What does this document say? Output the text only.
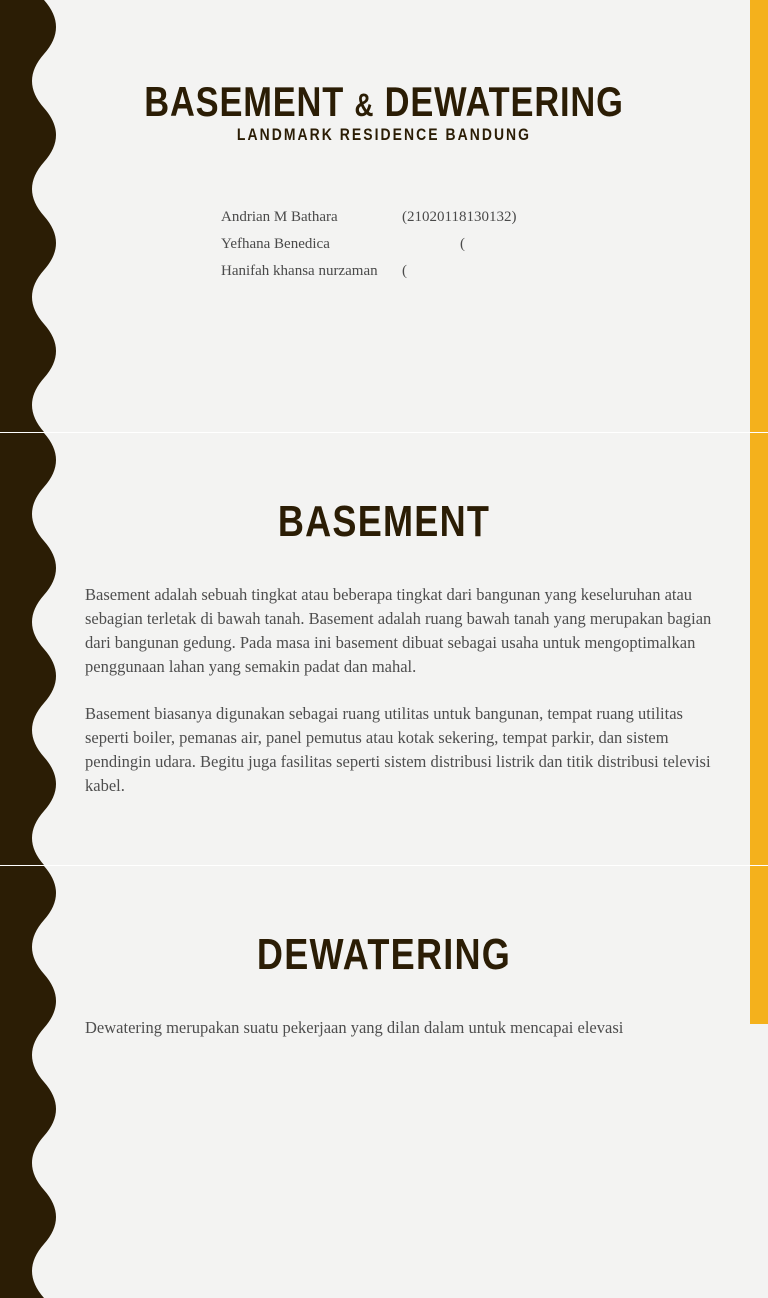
BASEMENT & DEWATERING
LANDMARK RESIDENCE BANDUNG
Andrian M Bathara	(21020118130132)
Yefhana Benedica	(
Hanifah khansa nurzaman (
BASEMENT

Basement adalah sebuah tingkat atau beberapa tingkat dari bangunan yang keseluruhan atau sebagian terletak di bawah tanah. Basement adalah ruang bawah tanah yang merupakan bagian dari bangunan gedung. Pada masa ini basement dibuat sebagai usaha untuk mengoptimalkan penggunaan lahan yang semakin padat dan mahal.

Basement biasanya digunakan sebagai ruang utilitas untuk bangunan, tempat ruang utilitas seperti boiler, pemanas air, panel pemutus atau kotak sekering, tempat parkir, dan sistem pendingin udara. Begitu juga fasilitas seperti sistem distribusi listrik dan titik distribusi televisi kabel.

DEWATERING

Dewatering merupakan suatu pekerjaan yang dilan dalam untuk mencapai elevasi
